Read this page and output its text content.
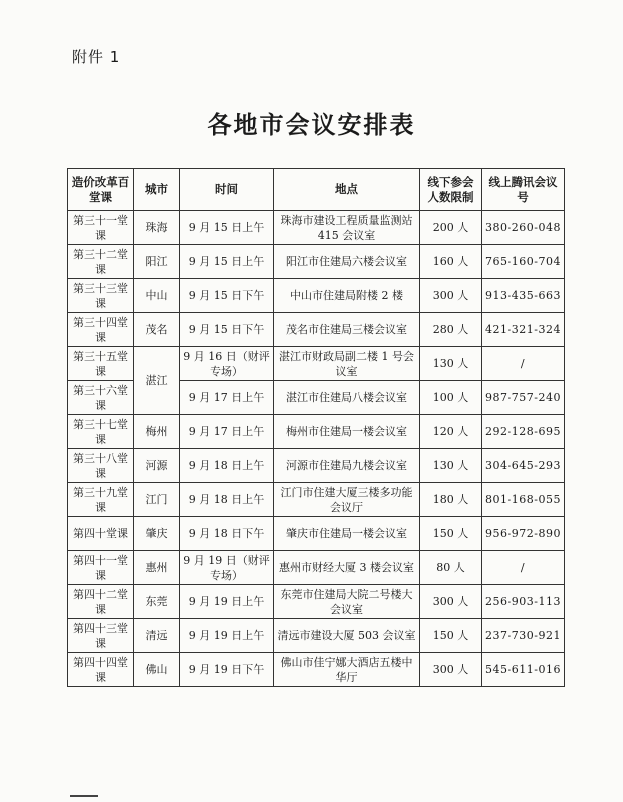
附件 1
各地市会议安排表
造价改革百堂课	城市	时间	地点	线下参会人数限制	线上腾讯会议号
第三十一堂课	珠海	9 月 15 日上午	珠海市建设工程质量监测站 415 会议室	200 人	380-260-048
第三十二堂课	阳江	9 月 15 日上午	阳江市住建局六楼会议室	160 人	765-160-704
第三十三堂课	中山	9 月 15 日下午	中山市住建局附楼 2 楼	300 人	913-435-663
第三十四堂课	茂名	9 月 15 日下午	茂名市住建局三楼会议室	280 人	421-321-324
第三十五堂课	湛江	9 月 16 日（财评专场）	湛江市财政局副二楼 1 号会议室	130 人	/
第三十六堂课		9 月 17 日上午	湛江市住建局八楼会议室	100 人	987-757-240
第三十七堂课	梅州	9 月 17 日上午	梅州市住建局一楼会议室	120 人	292-128-695
第三十八堂课	河源	9 月 18 日上午	河源市住建局九楼会议室	130 人	304-645-293
第三十九堂课	江门	9 月 18 日上午	江门市住建大厦三楼多功能会议厅	180 人	801-168-055
第四十堂课	肇庆	9 月 18 日下午	肇庆市住建局一楼会议室	150 人	956-972-890
第四十一堂课	惠州	9 月 19 日（财评专场）	惠州市财经大厦 3 楼会议室	80 人	/
第四十二堂课	东莞	9 月 19 日上午	东莞市住建局大院二号楼大会议室	300 人	256-903-113
第四十三堂课	清远	9 月 19 日上午	清远市建设大厦 503 会议室	150 人	237-730-921
第四十四堂课	佛山	9 月 19 日下午	佛山市佳宁娜大酒店五楼中华厅	300 人	545-611-016
